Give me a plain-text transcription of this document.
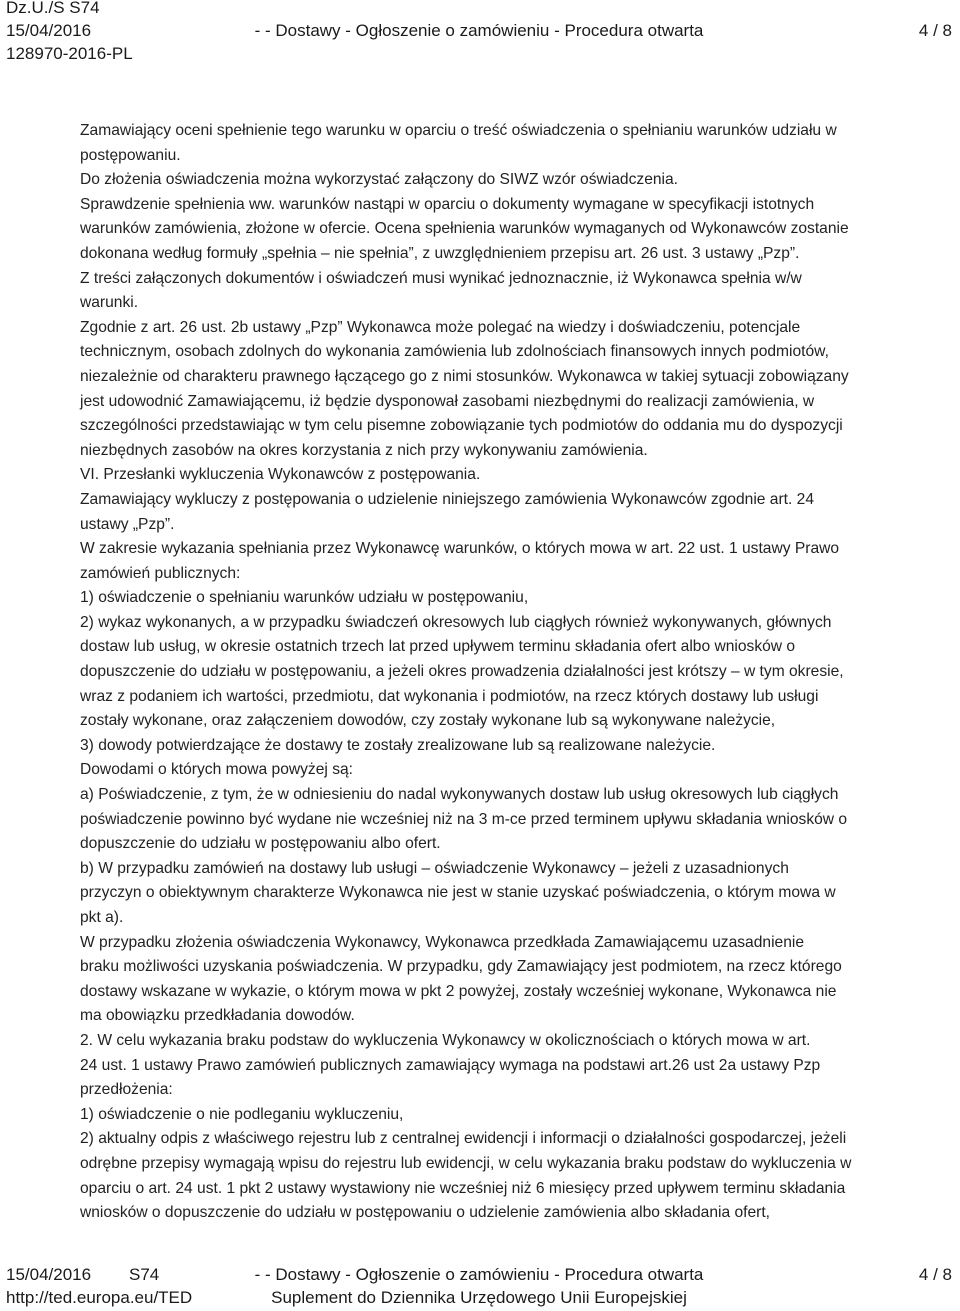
Dz.U./S S74
15/04/2016	- - Dostawy - Ogłoszenie o zamówieniu - Procedura otwarta	4 / 8
128970-2016-PL

Zamawiający oceni spełnienie tego warunku w oparciu o treść oświadczenia o spełnianiu warunków udziału w

postępowaniu.

Do złożenia oświadczenia można wykorzystać załączony do SIWZ wzór oświadczenia.

Sprawdzenie spełnienia ww. warunków nastąpi w oparciu o dokumenty wymagane w specyfikacji istotnych

warunków zamówienia, złożone w ofercie. Ocena spełnienia warunków wymaganych od Wykonawców zostanie

dokonana według formuły „spełnia – nie spełnia”, z uwzględnieniem przepisu art. 26 ust. 3 ustawy „Pzp”.

Z treści załączonych dokumentów i oświadczeń musi wynikać jednoznacznie, iż Wykonawca spełnia w/w

warunki.

Zgodnie z art. 26 ust. 2b ustawy „Pzp” Wykonawca może polegać na wiedzy i doświadczeniu, potencjale

technicznym, osobach zdolnych do wykonania zamówienia lub zdolnościach finansowych innych podmiotów,

niezależnie od charakteru prawnego łączącego go z nimi stosunków. Wykonawca w takiej sytuacji zobowiązany

jest udowodnić Zamawiającemu, iż będzie dysponował zasobami niezbędnymi do realizacji zamówienia, w

szczególności przedstawiając w tym celu pisemne zobowiązanie tych podmiotów do oddania mu do dyspozycji

niezbędnych zasobów na okres korzystania z nich przy wykonywaniu zamówienia.

VI. Przesłanki wykluczenia Wykonawców z postępowania.

Zamawiający wykluczy z postępowania o udzielenie niniejszego zamówienia Wykonawców zgodnie art. 24

ustawy „Pzp”.

W zakresie wykazania spełniania przez Wykonawcę warunków, o których mowa w art. 22 ust. 1 ustawy Prawo

zamówień publicznych:

1) oświadczenie o spełnianiu warunków udziału w postępowaniu,

2) wykaz wykonanych, a w przypadku świadczeń okresowych lub ciągłych również wykonywanych, głównych

dostaw lub usług, w okresie ostatnich trzech lat przed upływem terminu składania ofert albo wniosków o

dopuszczenie do udziału w postępowaniu, a jeżeli okres prowadzenia działalności jest krótszy – w tym okresie,

wraz z podaniem ich wartości, przedmiotu, dat wykonania i podmiotów, na rzecz których dostawy lub usługi

zostały wykonane, oraz załączeniem dowodów, czy zostały wykonane lub są wykonywane należycie,

3) dowody potwierdzające że dostawy te zostały zrealizowane lub są realizowane należycie.

Dowodami o których mowa powyżej są:

a) Poświadczenie, z tym, że w odniesieniu do nadal wykonywanych dostaw lub usług okresowych lub ciągłych

poświadczenie powinno być wydane nie wcześniej niż na 3 m-ce przed terminem upływu składania wniosków o

dopuszczenie do udziału w postępowaniu albo ofert.

b) W przypadku zamówień na dostawy lub usługi – oświadczenie Wykonawcy – jeżeli z uzasadnionych

przyczyn o obiektywnym charakterze Wykonawca nie jest w stanie uzyskać poświadczenia, o którym mowa w

pkt a).

W przypadku złożenia oświadczenia Wykonawcy, Wykonawca przedkłada Zamawiającemu uzasadnienie

braku możliwości uzyskania poświadczenia. W przypadku, gdy Zamawiający jest podmiotem, na rzecz którego

dostawy wskazane w wykazie, o którym mowa w pkt 2 powyżej, zostały wcześniej wykonane, Wykonawca nie

ma obowiązku przedkładania dowodów.

2. W celu wykazania braku podstaw do wykluczenia Wykonawcy w okolicznościach o których mowa w art.

24 ust. 1 ustawy Prawo zamówień publicznych zamawiający wymaga na podstawi art.26 ust 2a ustawy Pzp

przedłożenia:

1) oświadczenie o nie podleganiu wykluczeniu,

2) aktualny odpis z właściwego rejestru lub z centralnej ewidencji i informacji o działalności gospodarczej, jeżeli

odrębne przepisy wymagają wpisu do rejestru lub ewidencji, w celu wykazania braku podstaw do wykluczenia w

oparciu o art. 24 ust. 1 pkt 2 ustawy wystawiony nie wcześniej niż 6 miesięcy przed upływem terminu składania

wniosków o dopuszczenie do udziału w postępowaniu o udzielenie zamówienia albo składania ofert,

15/04/2016 S74	- - Dostawy - Ogłoszenie o zamówieniu - Procedura otwarta	4 / 8
http://ted.europa.eu/TED	Suplement do Dziennika Urzędowego Unii Europejskiej
